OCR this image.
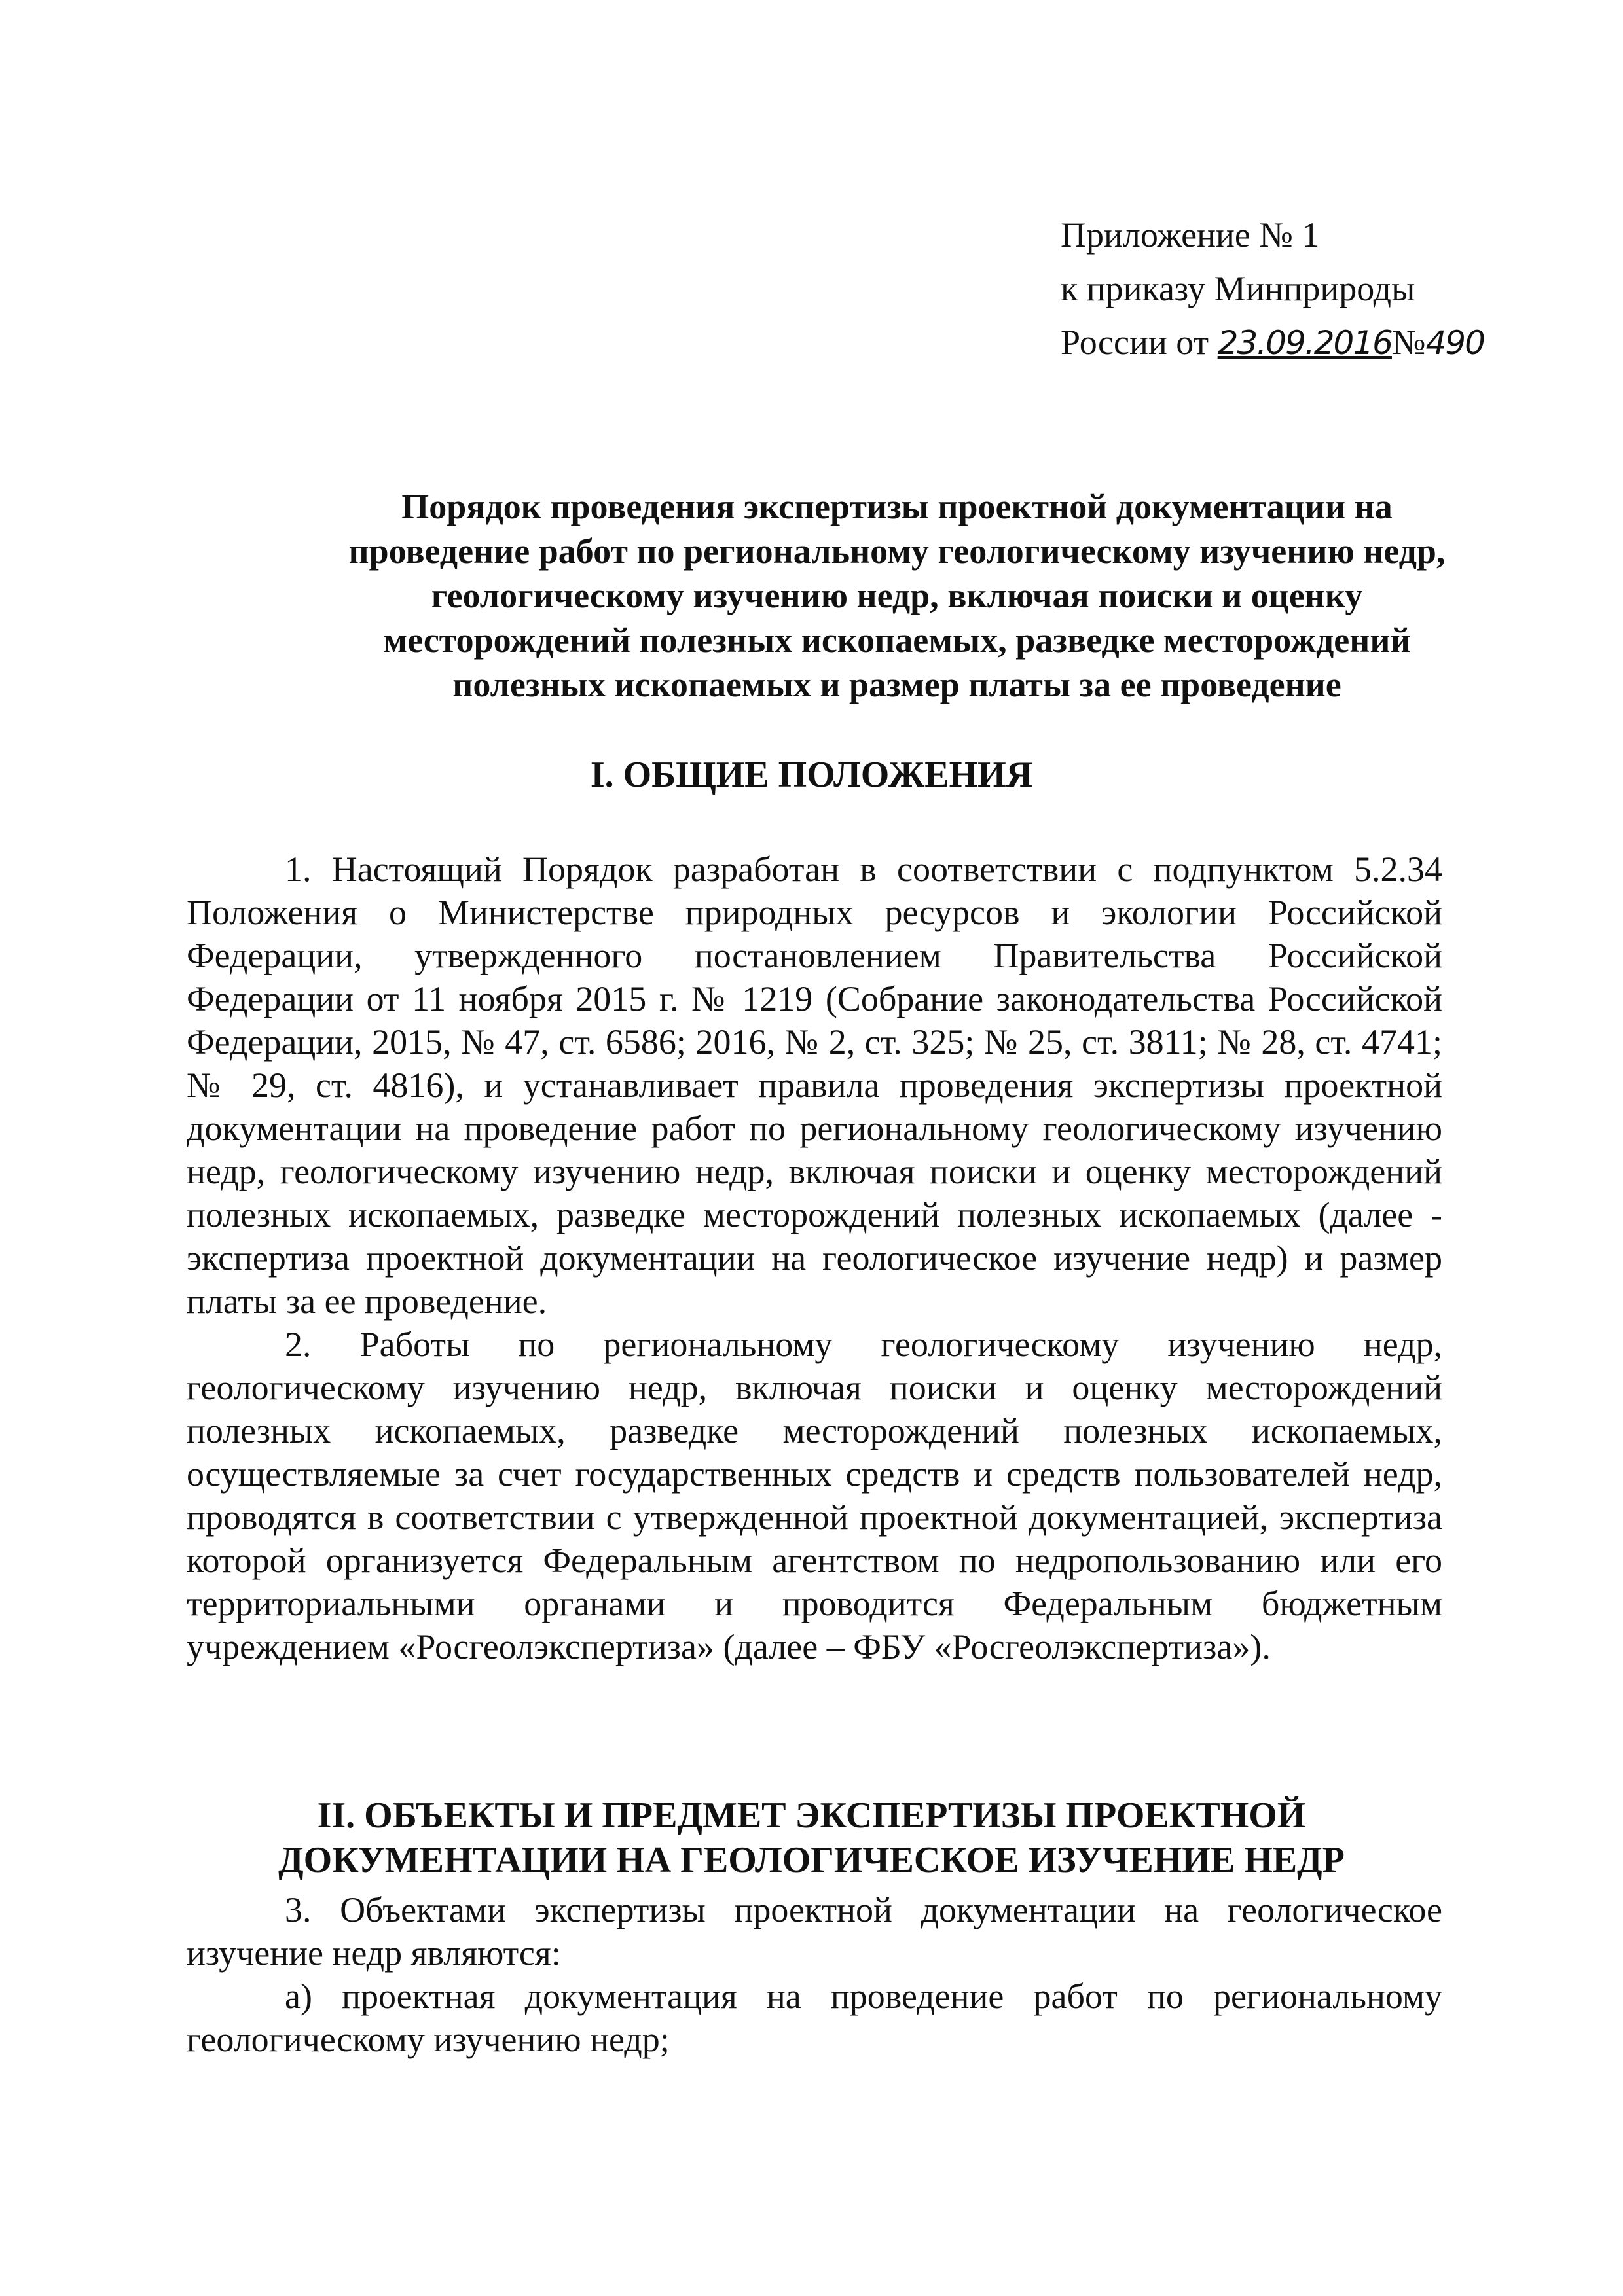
Приложение № 1
к приказу Минприроды
России от 23.09.2016№490
Порядок проведения экспертизы проектной документации на
проведение работ по региональному геологическому изучению недр,
геологическому изучению недр, включая поиски и оценку
месторождений полезных ископаемых, разведке месторождений
полезных ископаемых и размер платы за ее проведение
I. ОБЩИЕ ПОЛОЖЕНИЯ

1. Настоящий Порядок разработан в соответствии с подпунктом 5.2.34 Положения о Министерстве природных ресурсов и экологии Российской Федерации, утвержденного постановлением Правительства Российской Федерации от 11 ноября 2015 г. № 1219 (Собрание законодательства Российской Федерации, 2015, № 47, ст. 6586; 2016, № 2, ст. 325; № 25, ст. 3811; № 28, ст. 4741; № 29, ст. 4816), и устанавливает правила проведения экспертизы проектной документации на проведение работ по региональному геологическому изучению недр, геологическому изучению недр, включая поиски и оценку месторождений полезных ископаемых, разведке месторождений полезных ископаемых (далее - экспертиза проектной документации на геологическое изучение недр) и размер платы за ее проведение.

2. Работы по региональному геологическому изучению недр, геологическому изучению недр, включая поиски и оценку месторождений полезных ископаемых, разведке месторождений полезных ископаемых, осуществляемые за счет государственных средств и средств пользователей недр, проводятся в соответствии с утвержденной проектной документацией, экспертиза которой организуется Федеральным агентством по недропользованию или его территориальными органами и проводится Федеральным бюджетным учреждением «Росгеолэкспертиза» (далее – ФБУ «Росгеолэкспертиза»).

II. ОБЪЕКТЫ И ПРЕДМЕТ ЭКСПЕРТИЗЫ ПРОЕКТНОЙ
ДОКУМЕНТАЦИИ НА ГЕОЛОГИЧЕСКОЕ ИЗУЧЕНИЕ НЕДР

3. Объектами экспертизы проектной документации на геологическое изучение недр являются:

а) проектная документация на проведение работ по региональному геологическому изучению недр;
